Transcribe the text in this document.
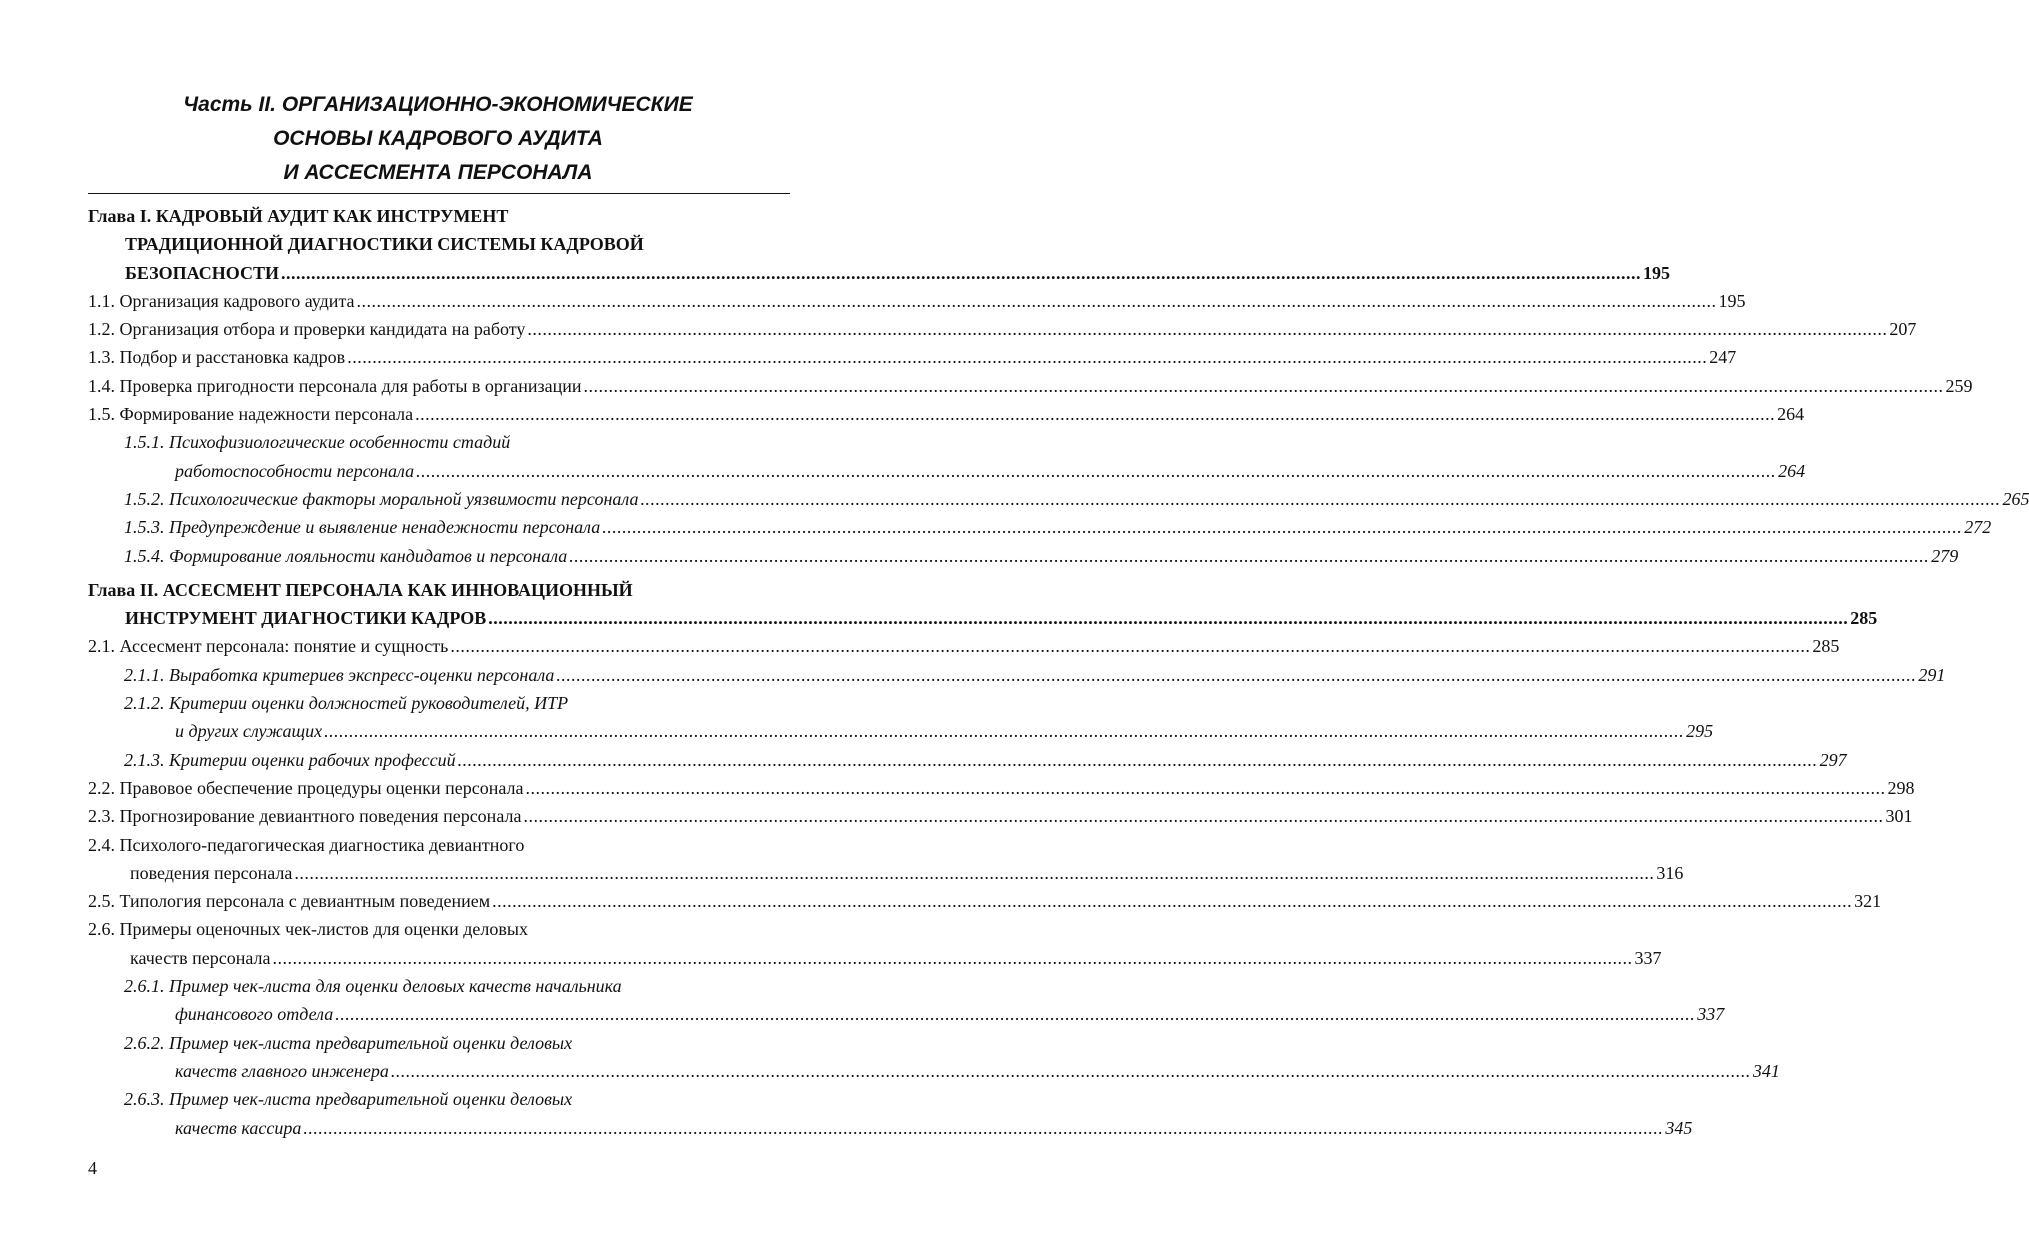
Часть II. ОРГАНИЗАЦИОННО-ЭКОНОМИЧЕСКИЕ
ОСНОВЫ КАДРОВОГО АУДИТА
И АССЕСМЕНТА ПЕРСОНАЛА
Глава I. КАДРОВЫЙ АУДИТ КАК ИНСТРУМЕНТ
ТРАДИЦИОННОЙ ДИАГНОСТИКИ СИСТЕМЫ КАДРОВОЙ
БЕЗОПАСНОСТИ .....	195
1.1. Организация кадрового аудита .....	195
1.2. Организация отбора и проверки кандидата на работу .....	207
1.3. Подбор и расстановка кадров .....	247
1.4. Проверка пригодности персонала для работы в организации .....	259
1.5. Формирование надежности персонала .....	264
1.5.1. Психофизиологические особенности стадий
работоспособности персонала .....	264
1.5.2. Психологические факторы моральной уязвимости персонала .....	265
1.5.3. Предупреждение и выявление ненадежности персонала .....	272
1.5.4. Формирование лояльности кандидатов и персонала .....	279
Глава II. АССЕСМЕНТ ПЕРСОНАЛА КАК ИННОВАЦИОННЫЙ
ИНСТРУМЕНТ ДИАГНОСТИКИ КАДРОВ .....	285
2.1. Ассесмент персонала: понятие и сущность .....	285
2.1.1. Выработка критериев экспресс-оценки персонала .....	291
2.1.2. Критерии оценки должностей руководителей, ИТР
и других служащих .....	295
2.1.3. Критерии оценки рабочих профессий .....	297
2.2. Правовое обеспечение процедуры оценки персонала .....	298
2.3. Прогнозирование девиантного поведения персонала .....	301
2.4. Психолого-педагогическая диагностика девиантного
поведения персонала .....	316
2.5. Типология персонала с девиантным поведением .....	321
2.6. Примеры оценочных чек-листов для оценки деловых
качеств персонала .....	337
2.6.1. Пример чек-листа для оценки деловых качеств начальника
финансового отдела .....	337
2.6.2. Пример чек-листа предварительной оценки деловых
качеств главного инженера .....	341
2.6.3. Пример чек-листа предварительной оценки деловых
качеств кассира .....	345
4
